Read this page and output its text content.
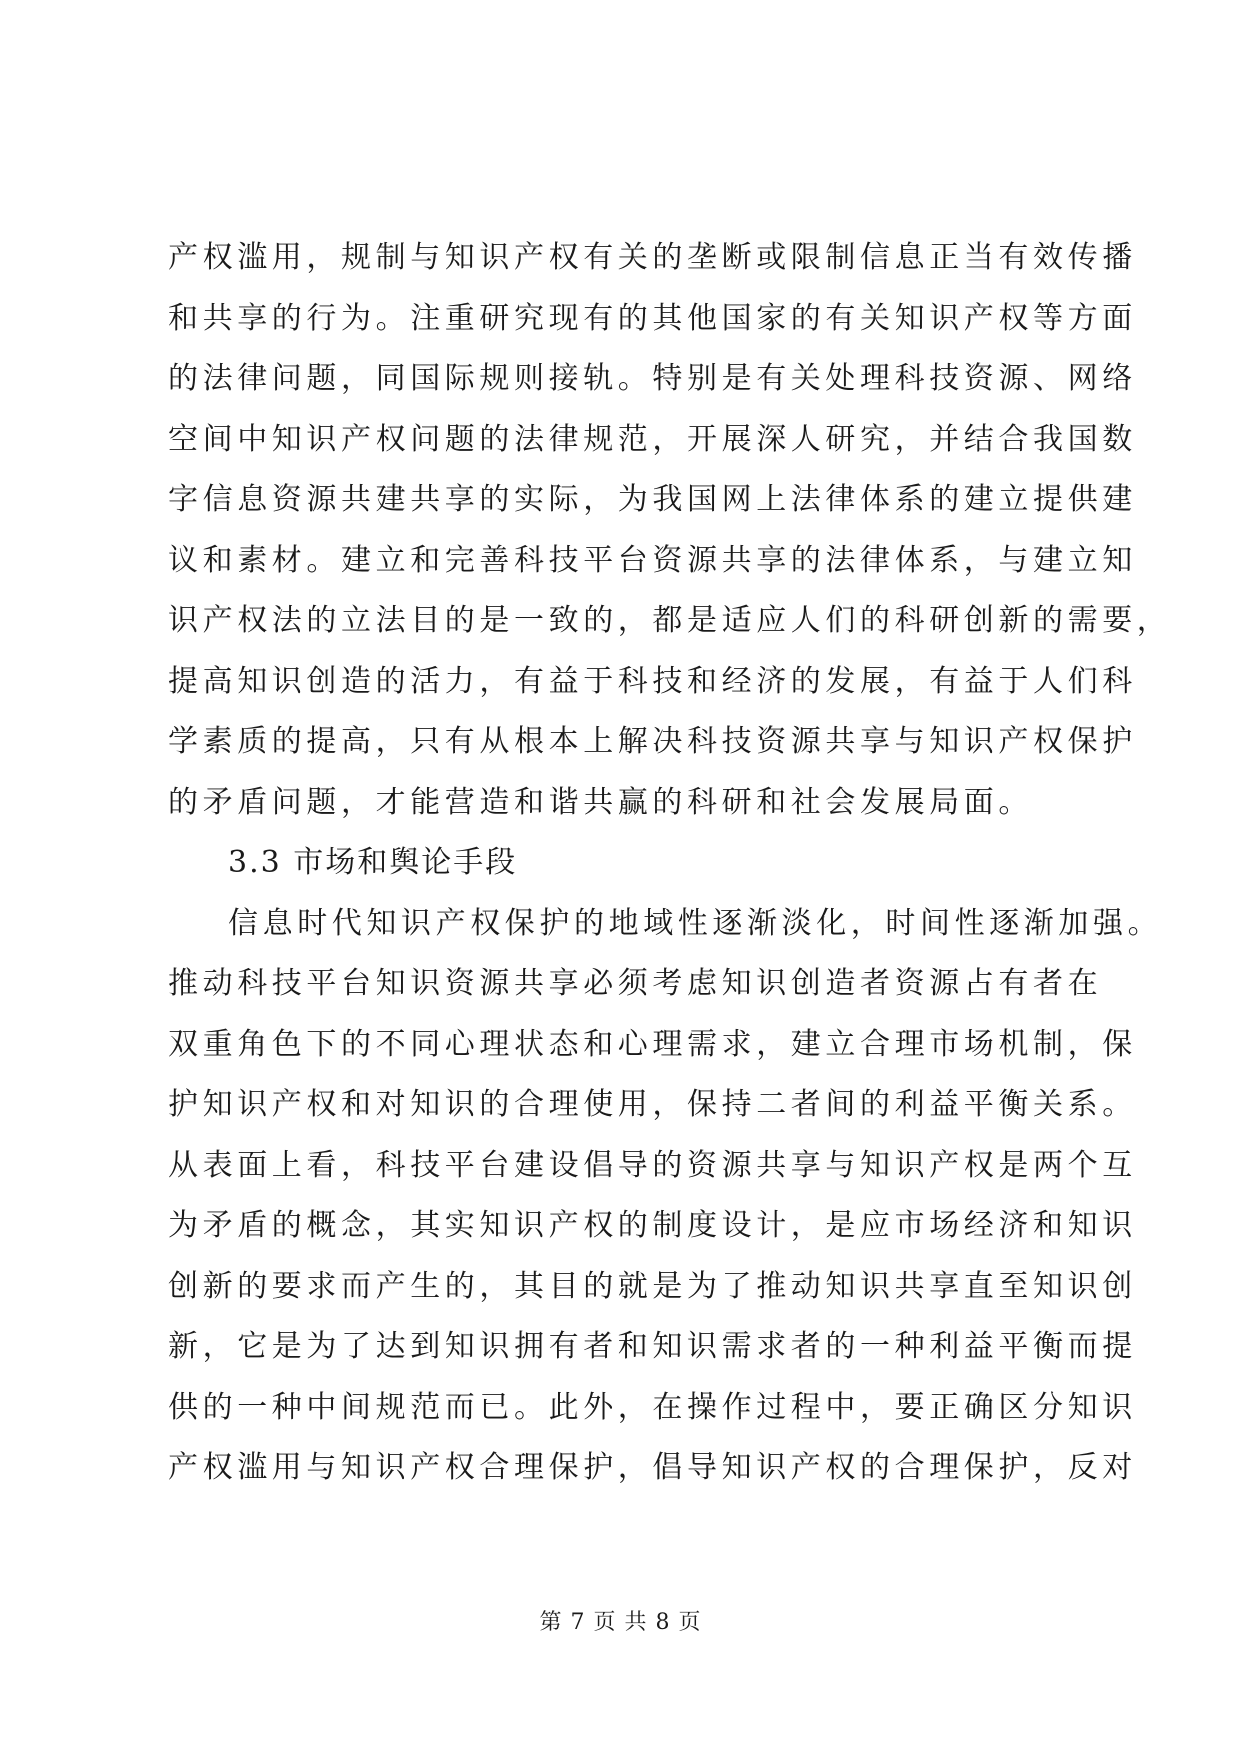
产权滥用，规制与知识产权有关的垄断或限制信息正当有效传播
和共享的行为。注重研究现有的其他国家的有关知识产权等方面
的法律问题，同国际规则接轨。特别是有关处理科技资源、网络
空间中知识产权问题的法律规范，开展深人研究，并结合我国数
字信息资源共建共享的实际，为我国网上法律体系的建立提供建
议和素材。建立和完善科技平台资源共享的法律体系，与建立知
识产权法的立法目的是一致的，都是适应人们的科研创新的需要，
提高知识创造的活力，有益于科技和经济的发展，有益于人们科
学素质的提高，只有从根本上解决科技资源共享与知识产权保护
的矛盾问题，才能营造和谐共赢的科研和社会发展局面。
3.3 市场和舆论手段
信息时代知识产权保护的地域性逐渐淡化，时间性逐渐加强。
推动科技平台知识资源共享必须考虑知识创造者资源占有者在
双重角色下的不同心理状态和心理需求，建立合理市场机制，保
护知识产权和对知识的合理使用，保持二者间的利益平衡关系。
从表面上看，科技平台建设倡导的资源共享与知识产权是两个互
为矛盾的概念，其实知识产权的制度设计，是应市场经济和知识
创新的要求而产生的，其目的就是为了推动知识共享直至知识创
新，它是为了达到知识拥有者和知识需求者的一种利益平衡而提
供的一种中间规范而已。此外，在操作过程中，要正确区分知识
产权滥用与知识产权合理保护，倡导知识产权的合理保护，反对
第 7 页 共 8 页
